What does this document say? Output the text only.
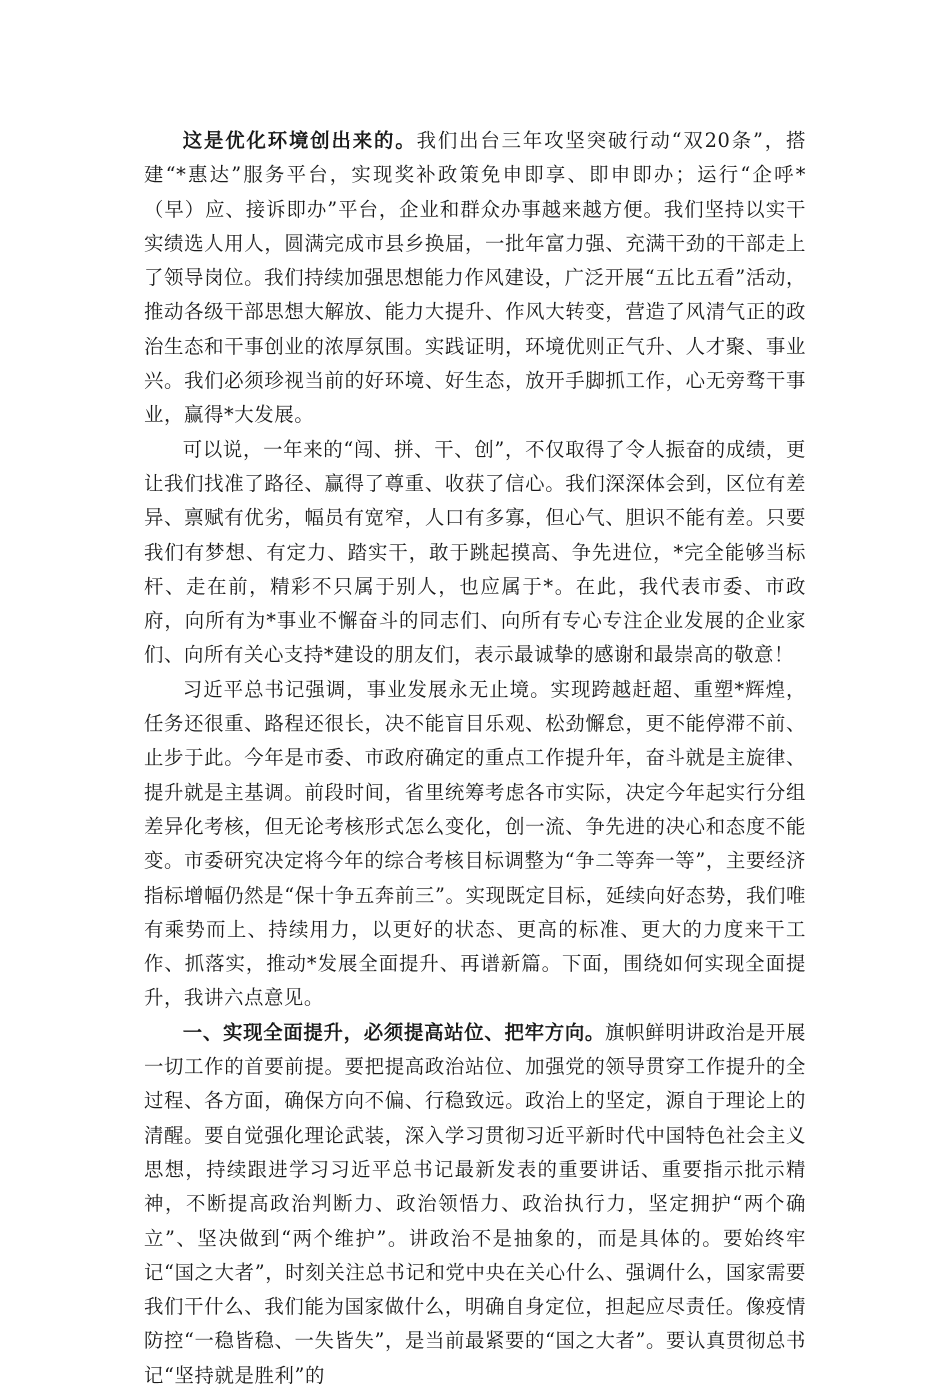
这是优化环境创出来的。我们出台三年攻坚突破行动“双20条”，搭建“*惠达”服务平台，实现奖补政策免申即享、即申即办；运行“企呼*（早）应、接诉即办”平台，企业和群众办事越来越方便。我们坚持以实干实绩选人用人，圆满完成市县乡换届，一批年富力强、充满干劲的干部走上了领导岗位。我们持续加强思想能力作风建设，广泛开展“五比五看”活动，推动各级干部思想大解放、能力大提升、作风大转变，营造了风清气正的政治生态和干事创业的浓厚氛围。实践证明，环境优则正气升、人才聚、事业兴。我们必须珍视当前的好环境、好生态，放开手脚抓工作，心无旁骛干事业，赢得*大发展。

可以说，一年来的“闯、拼、干、创”，不仅取得了令人振奋的成绩，更让我们找准了路径、赢得了尊重、收获了信心。我们深深体会到，区位有差异、禀赋有优劣，幅员有宽窄，人口有多寡，但心气、胆识不能有差。只要我们有梦想、有定力、踏实干，敢于跳起摸高、争先进位，*完全能够当标杆、走在前，精彩不只属于别人，也应属于*。在此，我代表市委、市政府，向所有为*事业不懈奋斗的同志们、向所有专心专注企业发展的企业家们、向所有关心支持*建设的朋友们，表示最诚挚的感谢和最崇高的敬意！

习近平总书记强调，事业发展永无止境。实现跨越赶超、重塑*辉煌，任务还很重、路程还很长，决不能盲目乐观、松劲懈怠，更不能停滞不前、止步于此。今年是市委、市政府确定的重点工作提升年，奋斗就是主旋律、提升就是主基调。前段时间，省里统筹考虑各市实际，决定今年起实行分组差异化考核，但无论考核形式怎么变化，创一流、争先进的决心和态度不能变。市委研究决定将今年的综合考核目标调整为“争二等奔一等”，主要经济指标增幅仍然是“保十争五奔前三”。实现既定目标，延续向好态势，我们唯有乘势而上、持续用力，以更好的状态、更高的标准、更大的力度来干工作、抓落实，推动*发展全面提升、再谱新篇。下面，围绕如何实现全面提升，我讲六点意见。

一、实现全面提升，必须提高站位、把牢方向。旗帜鲜明讲政治是开展一切工作的首要前提。要把提高政治站位、加强党的领导贯穿工作提升的全过程、各方面，确保方向不偏、行稳致远。政治上的坚定，源自于理论上的清醒。要自觉强化理论武装，深入学习贯彻习近平新时代中国特色社会主义思想，持续跟进学习习近平总书记最新发表的重要讲话、重要指示批示精神，不断提高政治判断力、政治领悟力、政治执行力，坚定拥护“两个确立”、坚决做到“两个维护”。讲政治不是抽象的，而是具体的。要始终牢记“国之大者”，时刻关注总书记和党中央在关心什么、强调什么，国家需要我们干什么、我们能为国家做什么，明确自身定位，担起应尽责任。像疫情防控“一稳皆稳、一失皆失”，是当前最紧要的“国之大者”。要认真贯彻总书记“坚持就是胜利”的
